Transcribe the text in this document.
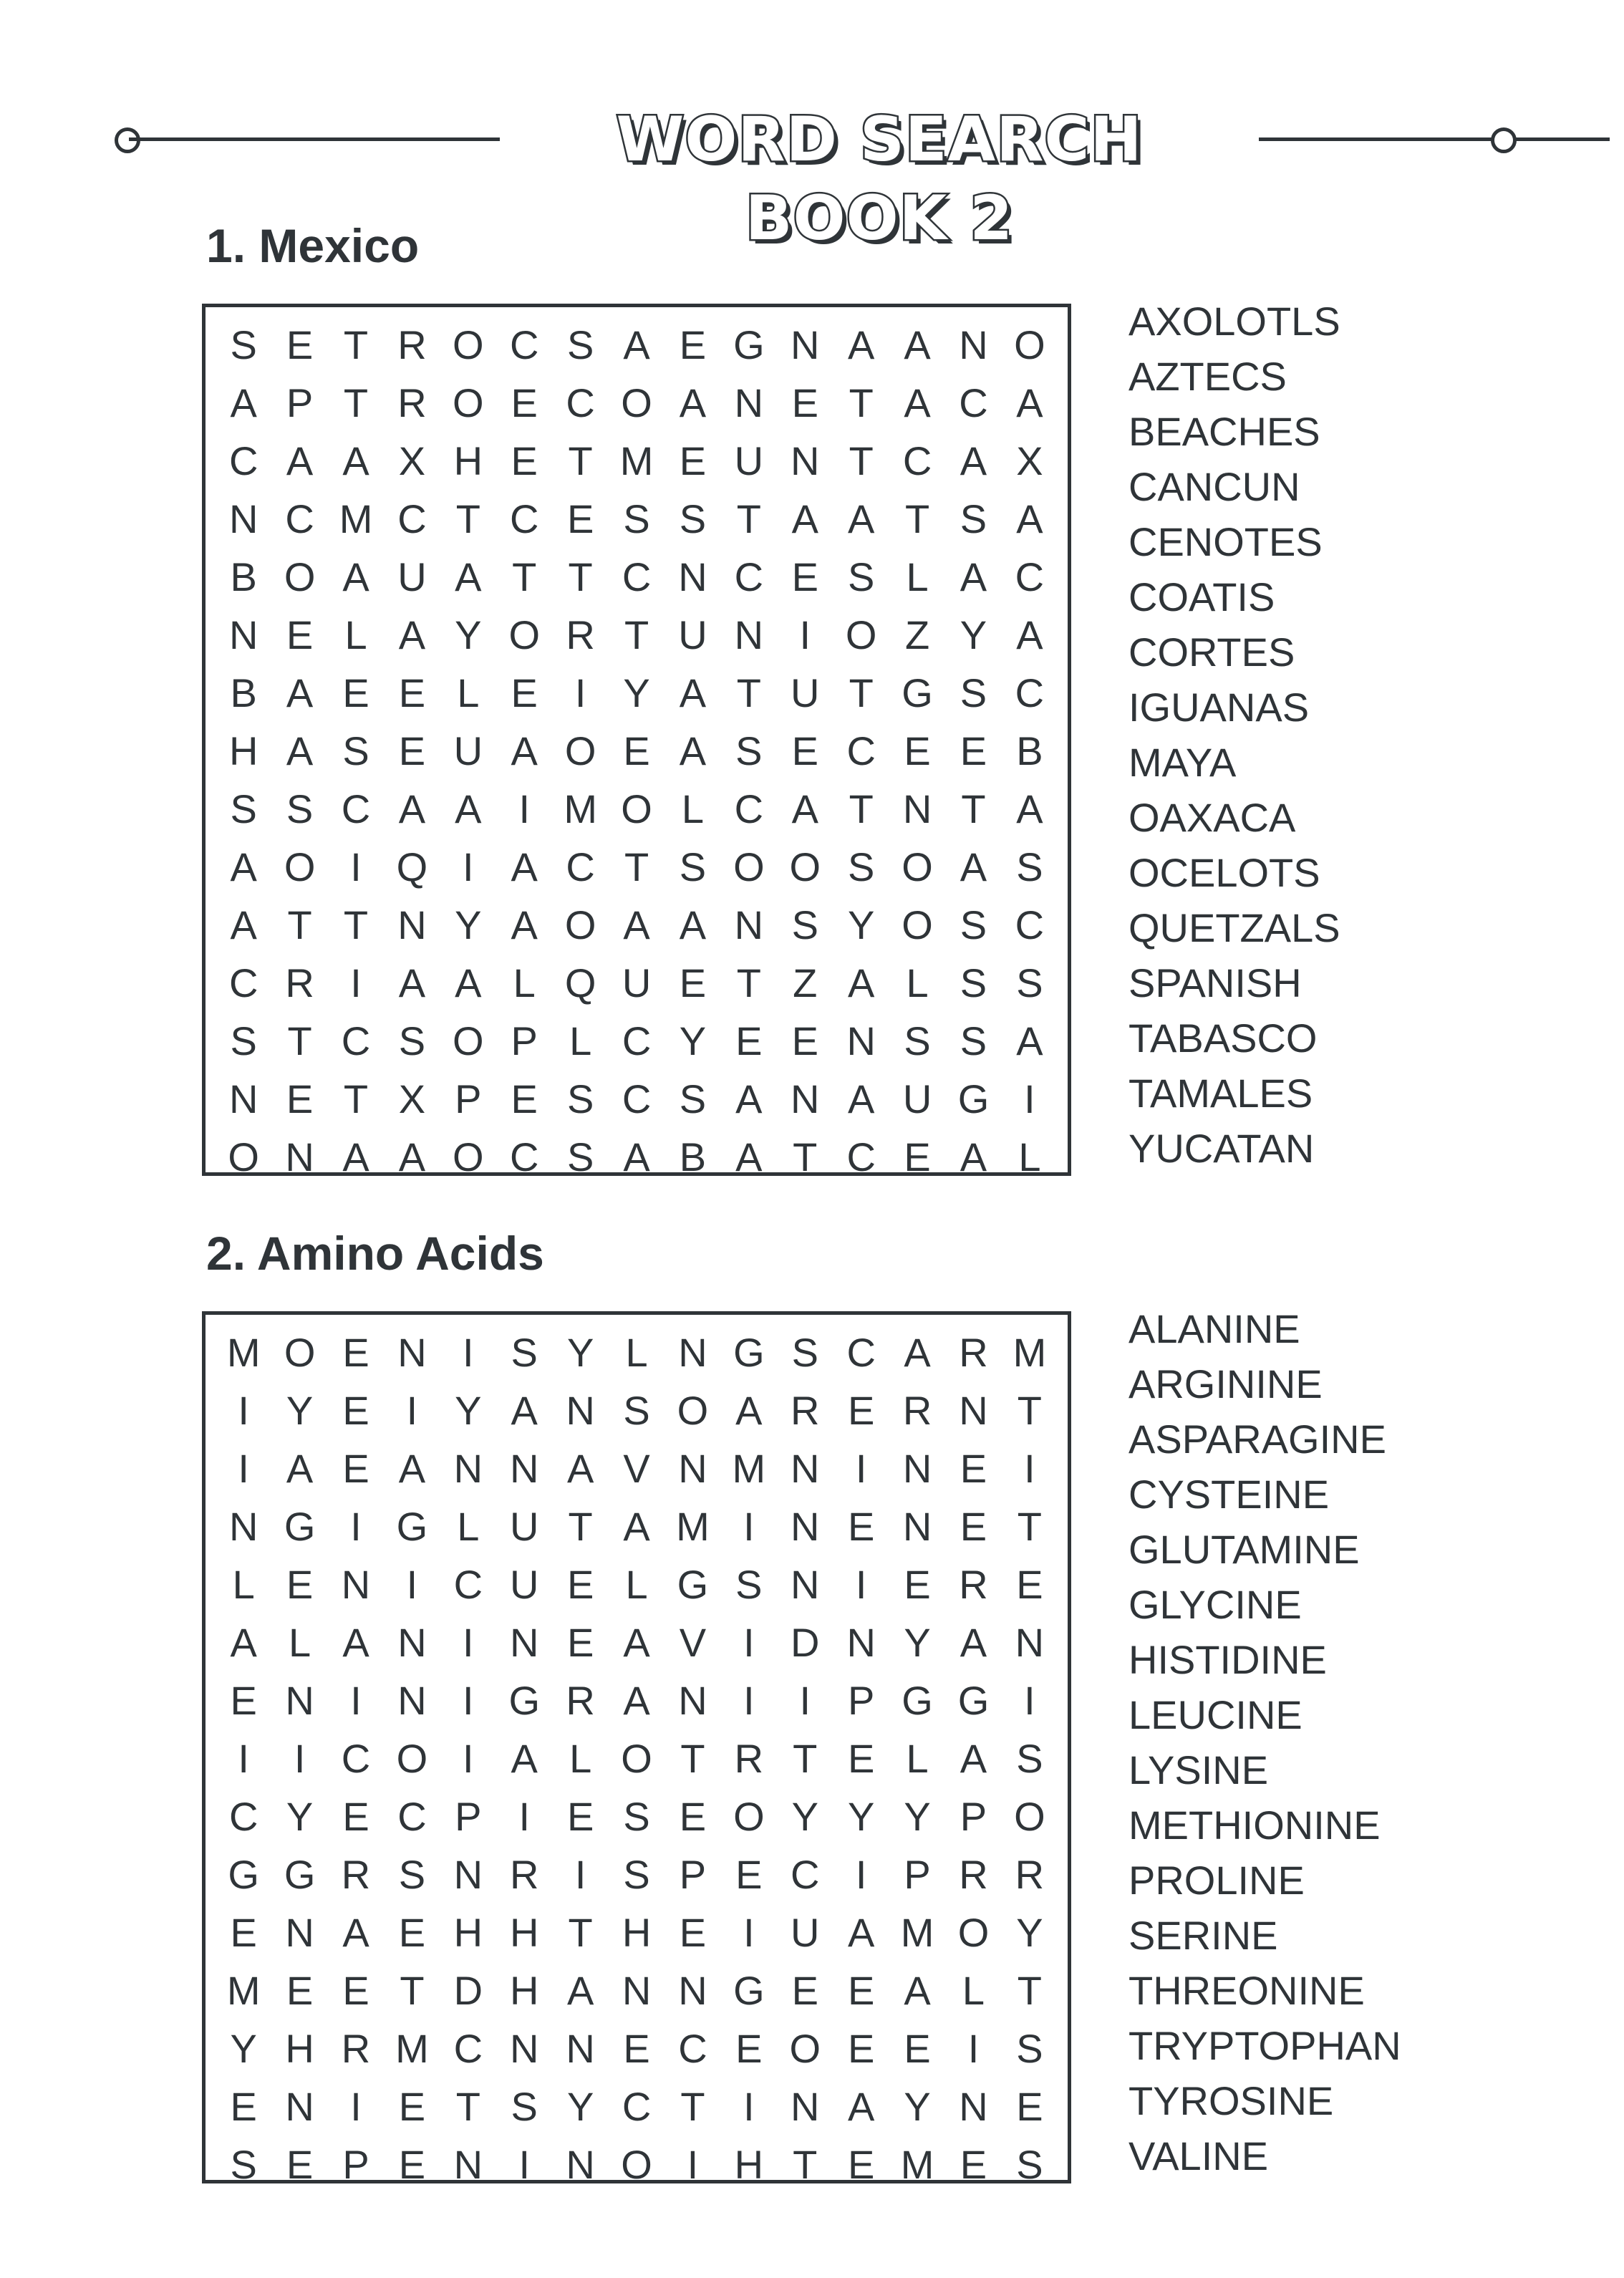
WORD SEARCH BOOK 2
1. Mexico
S E T R O C S A E G N A A N O
A P T R O E C O A N E T A C A
C A A X H E T M E U N T C A X
N C M C T C E S S T A A T S A
B O A U A T T C N C E S L A C
N E L A Y O R T U N I O Z Y A
B A E E L E I Y A T U T G S C
H A S E U A O E A S E C E E B
S S C A A I M O L C A T N T A
A O I Q I A C T S O O S O A S
A T T N Y A O A A N S Y O S C
C R I A A L Q U E T Z A L S S
S T C S O P L C Y E E N S S A
N E T X P E S C S A N A U G I
O N A A O C S A B A T C E A L
AXOLOTLS
AZTECS
BEACHES
CANCUN
CENOTES
COATIS
CORTES
IGUANAS
MAYA
OAXACA
OCELOTS
QUETZALS
SPANISH
TABASCO
TAMALES
YUCATAN
2. Amino Acids
M O E N I S Y L N G S C A R M
I Y E I Y A N S O A R E R N T
I A E A N N A V N M N I N E I
N G I G L U T A M I N E N E T
L E N I C U E L G S N I E R E
A L A N I N E A V I D N Y A N
E N I N I G R A N I	I P G G I
I	I C O I A L O T R T E L A S
C Y E C P I E S E O Y Y Y P O
G G R S N R I S P E C I P R R
E N A E H H T H E I U A M O Y
M E E T D H A N N G E E A L T
Y H R M C N N E C E O E E I S
E N I E T S Y C T I N A Y N E
S E P E N I N O I H T E M E S
ALANINE
ARGININE
ASPARAGINE
CYSTEINE
GLUTAMINE
GLYCINE
HISTIDINE
LEUCINE
LYSINE
METHIONINE
PROLINE
SERINE
THREONINE
TRYPTOPHAN
TYROSINE
VALINE
